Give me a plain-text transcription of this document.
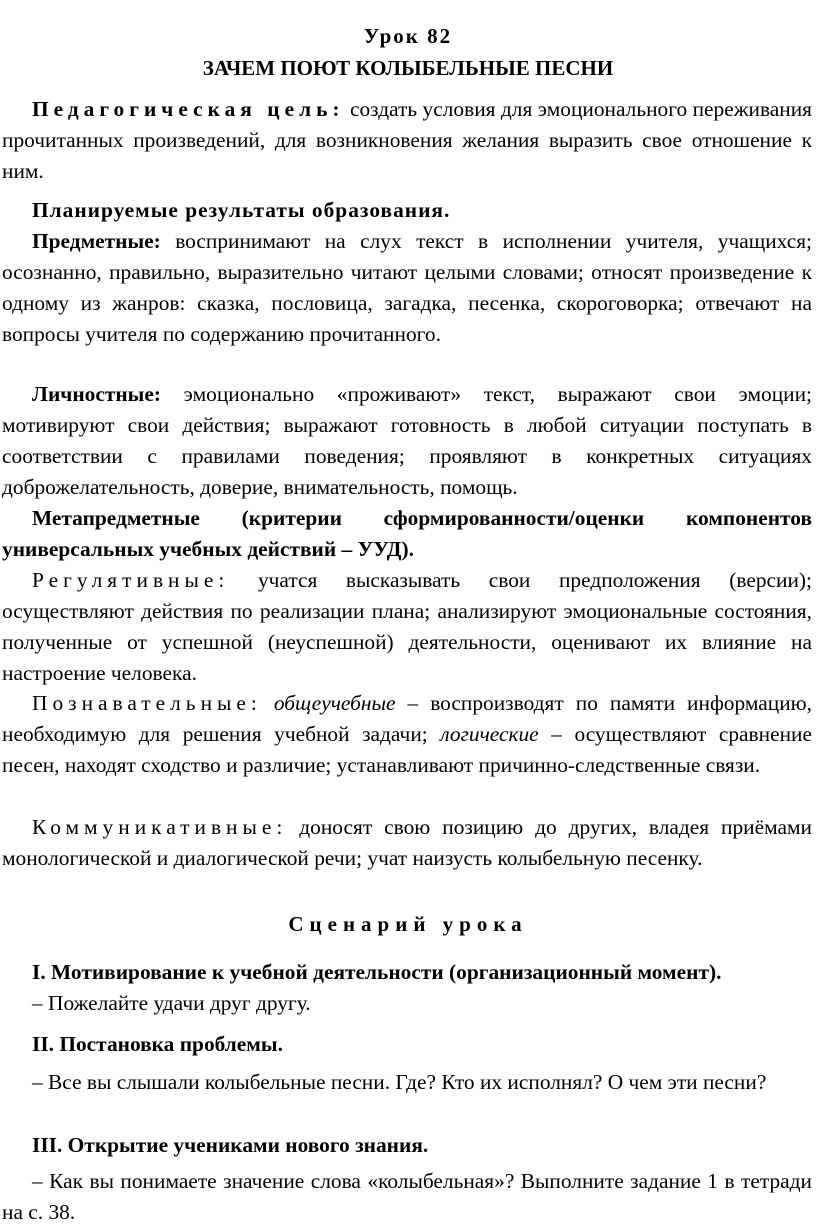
Урок 82
ЗАЧЕМ ПОЮТ КОЛЫБЕЛЬНЫЕ ПЕСНИ
Педагогическая цель: создать условия для эмоционального переживания прочитанных произведений, для возникновения желания выразить свое отношение к ним.
Планируемые результаты образования.
Предметные: воспринимают на слух текст в исполнении учителя, учащихся; осознанно, правильно, выразительно читают целыми словами; относят произведение к одному из жанров: сказка, пословица, загадка, песенка, скороговорка; отвечают на вопросы учителя по содержанию прочитанного.
Личностные: эмоционально «проживают» текст, выражают свои эмоции; мотивируют свои действия; выражают готовность в любой ситуации поступать в соответствии с правилами поведения; проявляют в конкретных ситуациях доброжелательность, доверие, внимательность, помощь.
Метапредметные (критерии сформированности/оценки компонентов универсальных учебных действий – УУД).
Регулятивные: учатся высказывать свои предположения (версии); осуществляют действия по реализации плана; анализируют эмоциональные состояния, полученные от успешной (неуспешной) деятельности, оценивают их влияние на настроение человека.
Познавательные: общеучебные – воспроизводят по памяти информацию, необходимую для решения учебной задачи; логические – осуществляют сравнение песен, находят сходство и различие; устанавливают причинно-следственные связи.
Коммуникативные: доносят свою позицию до других, владея приёмами монологической и диалогической речи; учат наизусть колыбельную песенку.
Сценарий урока
I. Мотивирование к учебной деятельности (организационный момент).
– Пожелайте удачи друг другу.
II. Постановка проблемы.
– Все вы слышали колыбельные песни. Где? Кто их исполнял? О чем эти песни?
III. Открытие учениками нового знания.
– Как вы понимаете значение слова «колыбельная»? Выполните задание 1 в тетради на с. 38.
